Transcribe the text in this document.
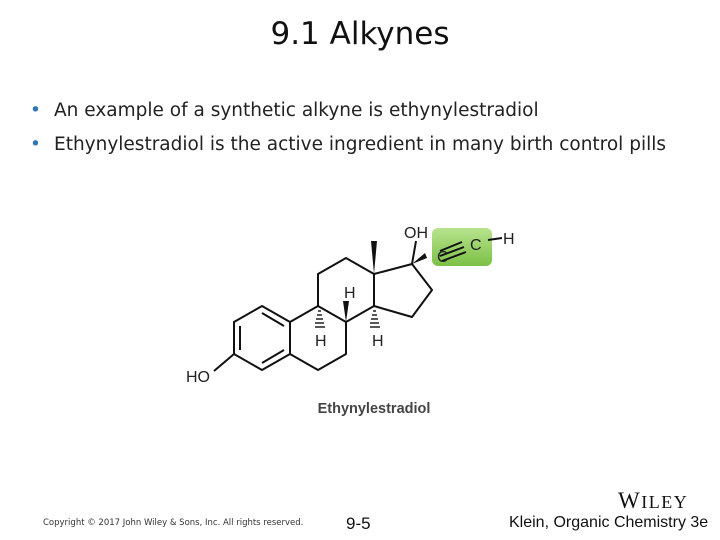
9.1 Alkynes
• An example of a synthetic alkyne is ethynylestradiol
• Ethynylestradiol is the active ingredient in many birth control pills
OH
C
C H
H
H	H
HO
Ethynylestradiol
Copyright © 2017 John Wiley & Sons, Inc. All rights reserved.	9-5	Klein, Organic Chemistry 3e
WILEY
